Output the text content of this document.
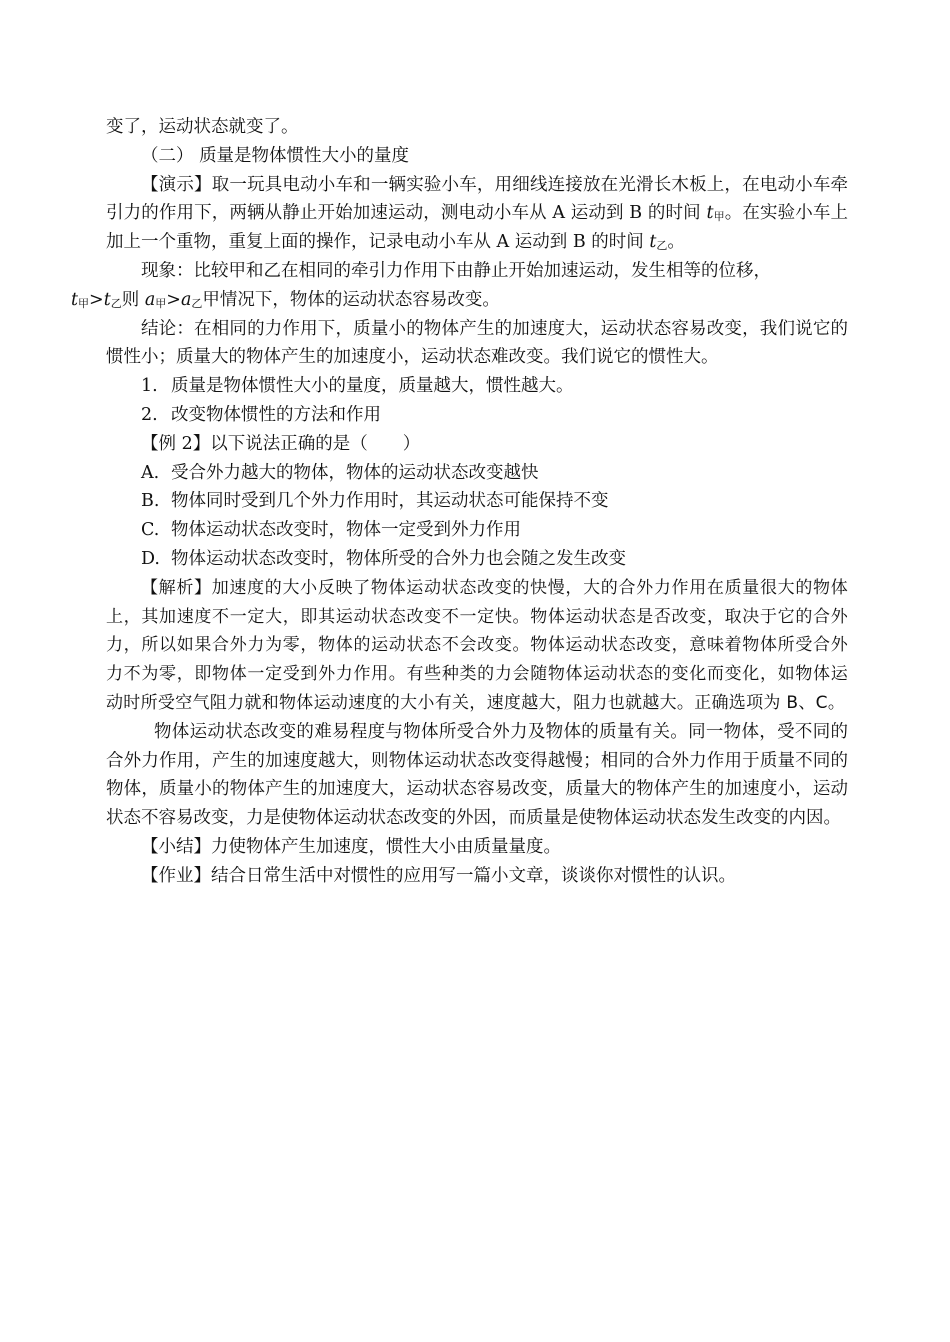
变了，运动状态就变了。

（二） 质量是物体惯性大小的量度

【演示】取一玩具电动小车和一辆实验小车，用细线连接放在光滑长木板上，在电动小车牵引力的作用下，两辆从静止开始加速运动，测电动小车从 A 运动到 B 的时间 $t_甲$。在实验小车上加上一个重物，重复上面的操作，记录电动小车从 A 运动到 B 的时间 $t_乙$。

现象：比较甲和乙在相同的牵引力作用下由静止开始加速运动，发生相等的位移，
$t_甲>t_乙$则 $a_甲>a_乙$甲情况下，物体的运动状态容易改变。

结论：在相同的力作用下，质量小的物体产生的加速度大，运动状态容易改变，我们说它的惯性小；质量大的物体产生的加速度小，运动状态难改变。我们说它的惯性大。

1. 质量是物体惯性大小的量度，质量越大，惯性越大。

2. 改变物体惯性的方法和作用

【例 2】以下说法正确的是（　　）

A. 受合外力越大的物体，物体的运动状态改变越快

B. 物体同时受到几个外力作用时，其运动状态可能保持不变

C. 物体运动状态改变时，物体一定受到外力作用

D. 物体运动状态改变时，物体所受的合外力也会随之发生改变

【解析】加速度的大小反映了物体运动状态改变的快慢，大的合外力作用在质量很大的物体上，其加速度不一定大，即其运动状态改变不一定快。物体运动状态是否改变，取决于它的合外力，所以如果合外力为零，物体的运动状态不会改变。物体运动状态改变，意味着物体所受合外力不为零，即物体一定受到外力作用。有些种类的力会随物体运动状态的变化而变化，如物体运动时所受空气阻力就和物体运动速度的大小有关，速度越大，阻力也就越大。正确选项为 B、C。

物体运动状态改变的难易程度与物体所受合外力及物体的质量有关。同一物体，受不同的合外力作用，产生的加速度越大，则物体运动状态改变得越慢；相同的合外力作用于质量不同的物体，质量小的物体产生的加速度大，运动状态容易改变，质量大的物体产生的加速度小，运动状态不容易改变，力是使物体运动状态改变的外因，而质量是使物体运动状态发生改变的内因。

【小结】力使物体产生加速度，惯性大小由质量量度。

【作业】结合日常生活中对惯性的应用写一篇小文章，谈谈你对惯性的认识。
